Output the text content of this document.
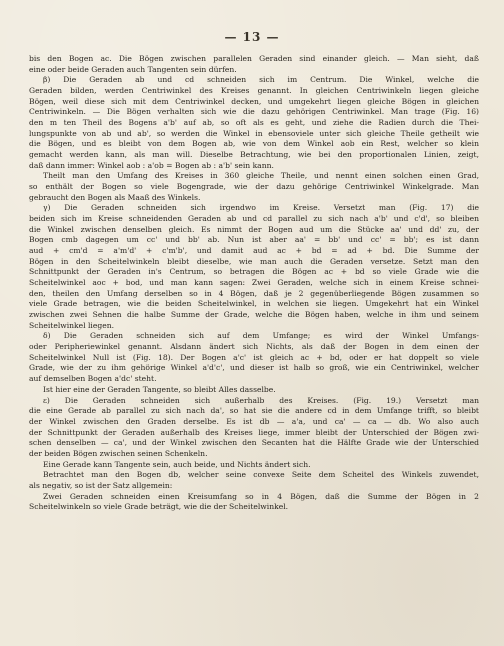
— 13 —
bis den Bogen ac. Die Bögen zwischen parallelen Geraden sind einander gleich. — Man sieht, daß
eine oder beide Geraden auch Tangenten sein dürfen.
β) Die Geraden ab und cd schneiden sich im Centrum. Die Winkel, welche die
Geraden bilden, werden Centriwinkel des Kreises genannt. In gleichen Centriwinkeln liegen gleiche
Bögen, weil diese sich mit dem Centriwinkel decken, und umgekehrt liegen gleiche Bögen in gleichen
Centriwinkeln. — Die Bögen verhalten sich wie die dazu gehörigen Centriwinkel. Man trage (Fig. 16)
den m ten Theil des Bogens a'b' auf ab, so oft als es geht, und ziehe die Radien durch die Thei-
lungspunkte von ab und ab', so werden die Winkel in ebensoviele unter sich gleiche Theile getheilt wie
die Bögen, und es bleibt von dem Bogen ab, wie von dem Winkel aob ein Rest, welcher so klein
gemacht werden kann, als man will. Dieselbe Betrachtung, wie bei den proportionalen Linien, zeigt,
daß dann immer: Winkel aob : a'ob = Bogen ab : a'b' sein kann.
Theilt man den Umfang des Kreises in 360 gleiche Theile, und nennt einen solchen einen Grad,
so enthält der Bogen so viele Bogengrade, wie der dazu gehörige Centriwinkel Winkelgrade. Man
gebraucht den Bogen als Maaß des Winkels.
γ) Die Geraden schneiden sich irgendwo im Kreise. Versetzt man (Fig. 17) die
beiden sich im Kreise schneidenden Geraden ab und cd parallel zu sich nach a'b' und c'd', so bleiben
die Winkel zwischen denselben gleich. Es nimmt der Bogen aud um die Stücke aa' und dd' zu, der
Bogen cmb dagegen um cc' und bb' ab. Nun ist aber aa' = bb' und cc' = bb'; es ist dann
aud + cm'd = a'm'd' + c'm'b', und damit aud ac + bd = ad + bd. Die Summe der
Bögen in den Scheitelwinkeln bleibt dieselbe, wie man auch die Geraden versetze. Setzt man den
Schnittpunkt der Geraden in's Centrum, so betragen die Bögen ac + bd so viele Grade wie die
Scheitelwinkel aoc + bod, und man kann sagen: Zwei Geraden, welche sich in einem Kreise schnei-
den, theilen den Umfang derselben so in 4 Bögen, daß je 2 gegenüberliegende Bögen zusammen so
viele Grade betragen, wie die beiden Scheitelwinkel, in welchen sie liegen. Umgekehrt hat ein Winkel
zwischen zwei Sehnen die halbe Summe der Grade, welche die Bögen haben, welche in ihm und seinem
Scheitelwinkel liegen.
δ) Die Geraden schneiden sich auf dem Umfange; es wird der Winkel Umfangs-
oder Peripheriewinkel genannt. Alsdann ändert sich Nichts, als daß der Bogen in dem einen der
Scheitelwinkel Null ist (Fig. 18). Der Bogen a'c' ist gleich ac + bd, oder er hat doppelt so viele
Grade, wie der zu ihm gehörige Winkel a'd'c', und dieser ist halb so groß, wie ein Centriwinkel, welcher
auf demselben Bogen a'dc' steht.
Ist hier eine der Geraden Tangente, so bleibt Alles dasselbe.
ε) Die Geraden schneiden sich außerhalb des Kreises. (Fig. 19.) Versetzt man
die eine Gerade ab parallel zu sich nach da', so hat sie die andere cd in dem Umfange trifft, so bleibt
der Winkel zwischen den Graden derselbe. Es ist db — a'a, und ca' — ca — db. Wo also auch
der Schnittpunkt der Geraden außerhalb des Kreises liege, immer bleibt der Unterschied der Bögen zwi-
schen denselben — ca', und der Winkel zwischen den Secanten hat die Hälfte Grade wie der Unterschied
der beiden Bögen zwischen seinen Schenkeln.
Eine Gerade kann Tangente sein, auch beide, und Nichts ändert sich.
Betrachtet man den Bogen db, welcher seine convexe Seite dem Scheitel des Winkels zuwendet,
als negativ, so ist der Satz allgemein:
Zwei Geraden schneiden einen Kreisumfang so in 4 Bögen, daß die Summe der Bögen in 2
Scheitelwinkeln so viele Grade beträgt, wie die der Scheitelwinkel.
